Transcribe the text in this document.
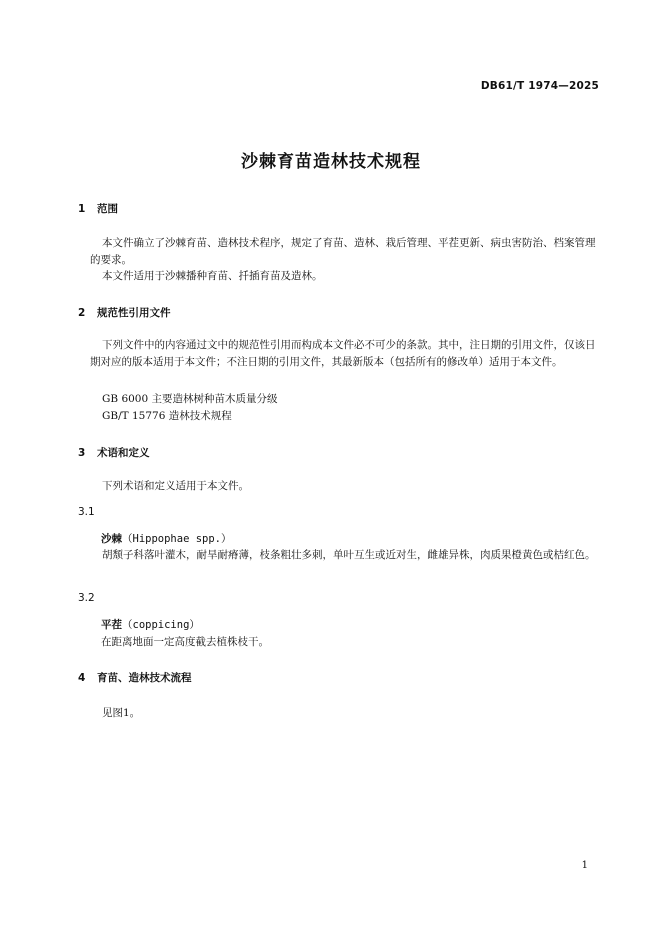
DB61/T 1974—2025
沙棘育苗造林技术规程
1 范围
本文件确立了沙棘育苗、造林技术程序，规定了育苗、造林、栽后管理、平茬更新、病虫害防治、档案管理的要求。
本文件适用于沙棘播种育苗、扦插育苗及造林。
2 规范性引用文件
下列文件中的内容通过文中的规范性引用而构成本文件必不可少的条款。其中，注日期的引用文件，仅该日期对应的版本适用于本文件；不注日期的引用文件，其最新版本（包括所有的修改单）适用于本文件。
GB 6000 主要造林树种苗木质量分级
GB/T 15776 造林技术规程
3 术语和定义
下列术语和定义适用于本文件。
3.1
沙棘（Hippophae spp.）
胡颓子科落叶灌木，耐旱耐瘠薄，枝条粗壮多刺，单叶互生或近对生，雌雄异株，肉质果橙黄色或桔红色。
3.2
平茬（coppicing）
在距离地面一定高度截去植株枝干。
4 育苗、造林技术流程
见图1。
1
